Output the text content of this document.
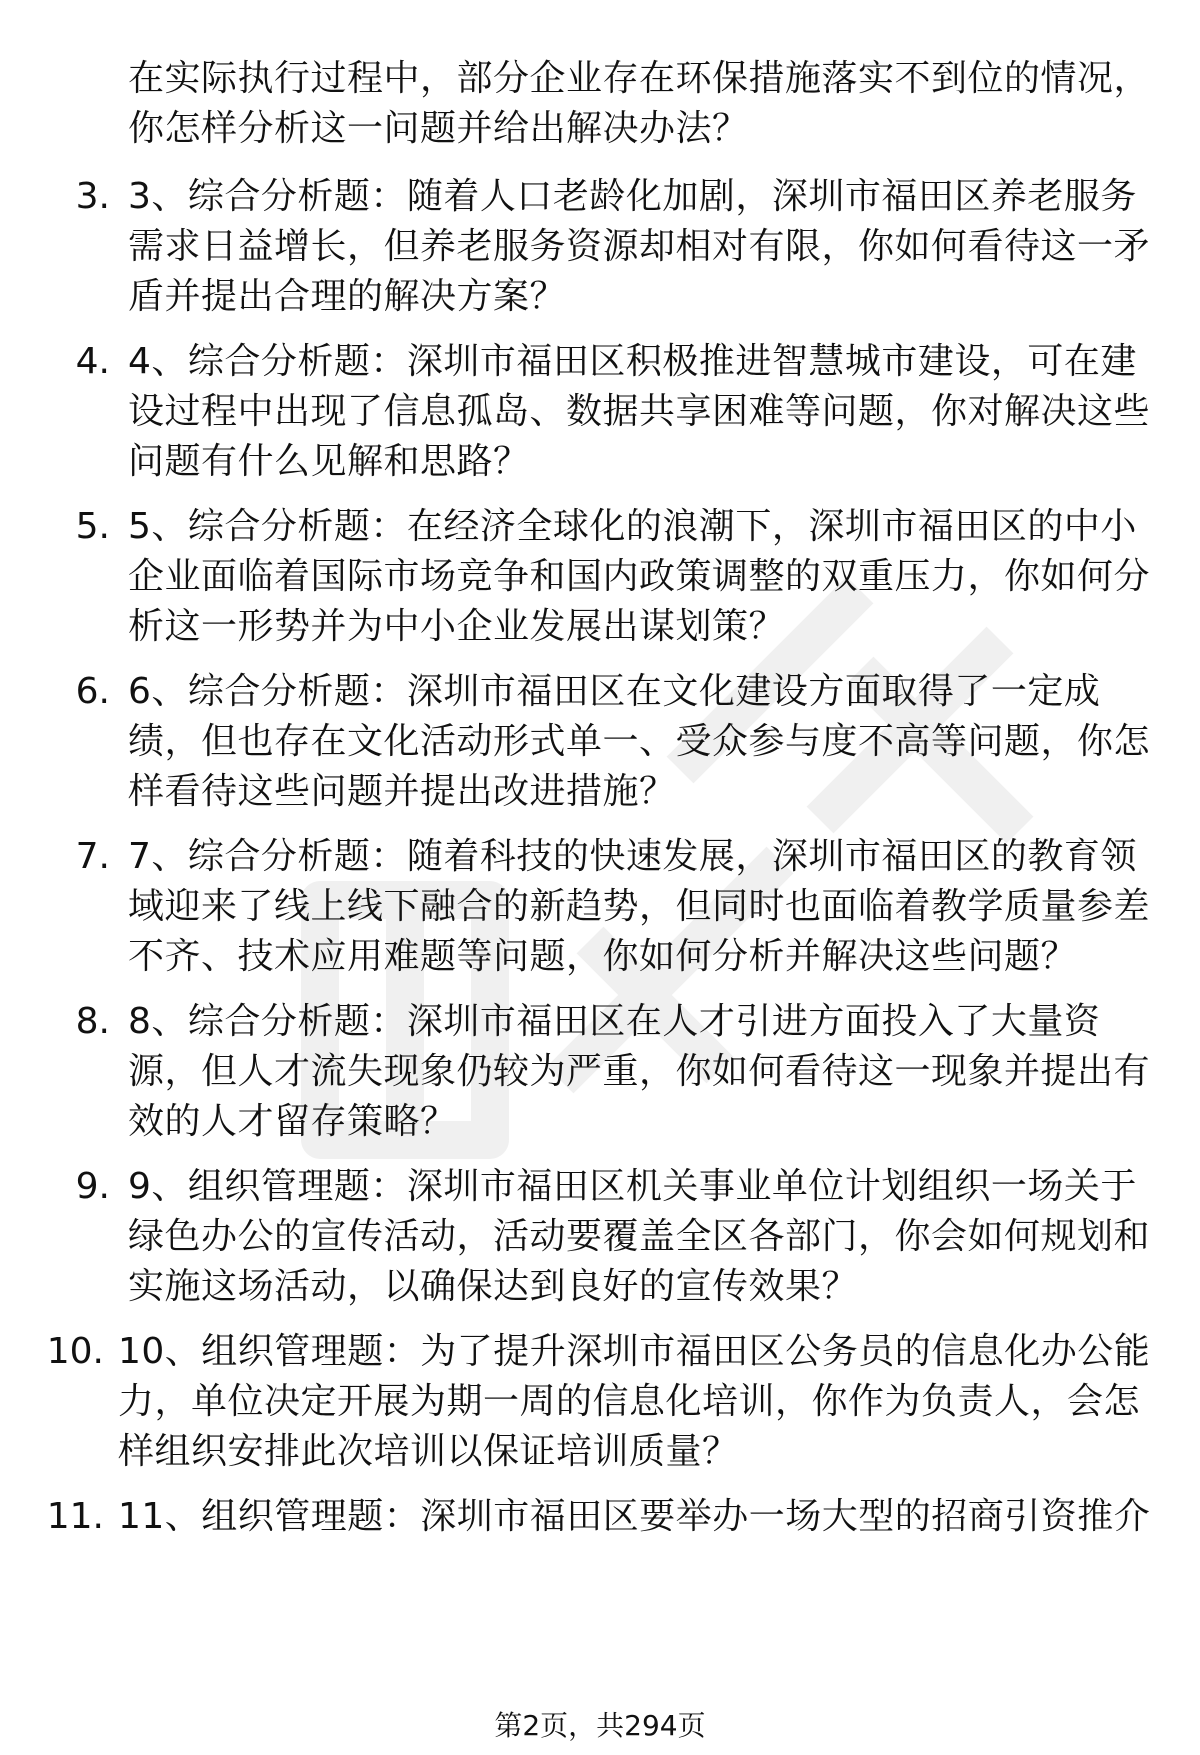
在实际执行过程中，部分企业存在环保措施落实不到位的情况，你怎样分析这一问题并给出解决办法？
3. 3、综合分析题：随着人口老龄化加剧，深圳市福田区养老服务需求日益增长，但养老服务资源却相对有限，你如何看待这一矛盾并提出合理的解决方案？
4. 4、综合分析题：深圳市福田区积极推进智慧城市建设，可在建设过程中出现了信息孤岛、数据共享困难等问题，你对解决这些问题有什么见解和思路？
5. 5、综合分析题：在经济全球化的浪潮下，深圳市福田区的中小企业面临着国际市场竞争和国内政策调整的双重压力，你如何分析这一形势并为中小企业发展出谋划策？
6. 6、综合分析题：深圳市福田区在文化建设方面取得了一定成绩，但也存在文化活动形式单一、受众参与度不高等问题，你怎样看待这些问题并提出改进措施？
7. 7、综合分析题：随着科技的快速发展，深圳市福田区的教育领域迎来了线上线下融合的新趋势，但同时也面临着教学质量参差不齐、技术应用难题等问题，你如何分析并解决这些问题？
8. 8、综合分析题：深圳市福田区在人才引进方面投入了大量资源，但人才流失现象仍较为严重，你如何看待这一现象并提出有效的人才留存策略？
9. 9、组织管理题：深圳市福田区机关事业单位计划组织一场关于绿色办公的宣传活动，活动要覆盖全区各部门，你会如何规划和实施这场活动，以确保达到良好的宣传效果？
10. 10、组织管理题：为了提升深圳市福田区公务员的信息化办公能力，单位决定开展为期一周的信息化培训，你作为负责人，会怎样组织安排此次培训以保证培训质量？
11. 11、组织管理题：深圳市福田区要举办一场大型的招商引资推介
第2页，共294页
